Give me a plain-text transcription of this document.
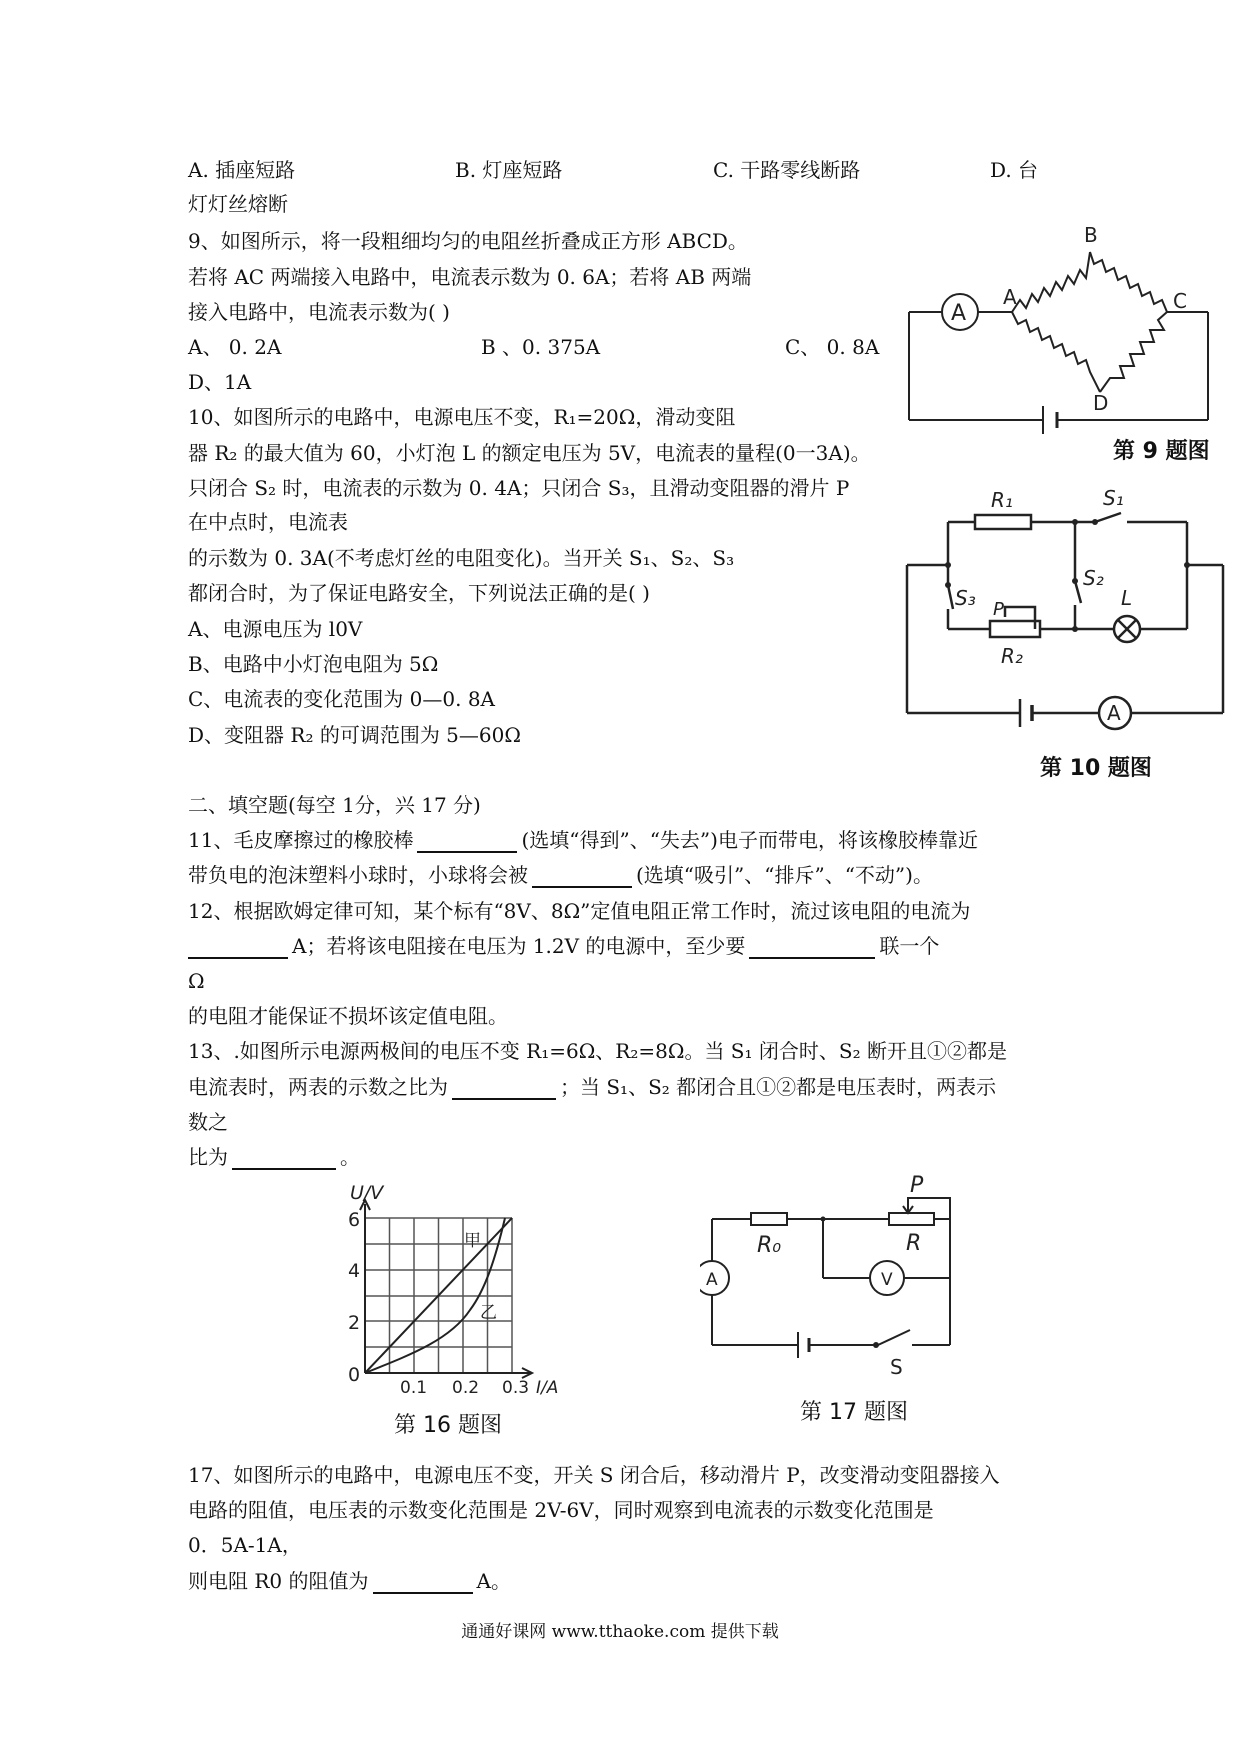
A. 插座短路	B. 灯座短路	C. 干路零线断路	D. 台
灯灯丝熔断
9、如图所示，将一段粗细均匀的电阻丝折叠成正方形 ABCD。
若将 AC 两端接入电路中，电流表示数为 0. 6A；若将 AB 两端
接入电路中，电流表示数为( )
A、 0. 2A	B 、0. 375A	C、 0. 8A
D、1A
A
A
B
C
D
第 9 题图
10、如图所示的电路中，电源电压不变，R₁=20Ω，滑动变阻
器 R₂ 的最大值为 60，小灯泡 L 的额定电压为 5V，电流表的量程(0一3A)。
只闭合 S₂ 时，电流表的示数为 0. 4A；只闭合 S₃，且滑动变阻器的滑片 P
在中点时，电流表
的示数为 0. 3A(不考虑灯丝的电阻变化)。当开关 S₁、S₂、S₃
都闭合时，为了保证电路安全，下列说法正确的是( )
A、电源电压为 l0V
B、电路中小灯泡电阻为 5Ω
C、电流表的变化范围为 0—0. 8A
D、变阻器 R₂ 的可调范围为 5—60Ω
R₁	S₁
S₂
S₃ P
R₂
L
A
第 10 题图
二、填空题(每空 1分，兴 17 分)
11、毛皮摩擦过的橡胶棒	(选填“得到”、“失去”)电子而带电，将该橡胶棒靠近
带负电的泡沫塑料小球时，小球将会被	(选填“吸引”、“排斥”、“不动”)。
12、根据欧姆定律可知，某个标有“8V、8Ω”定值电阻正常工作时，流过该电阻的电流为
A；若将该电阻接在电压为 1.2V 的电源中，至少要	联一个
Ω
的电阻才能保证不损坏该定值电阻。
13、.如图所示电源两极间的电压不变 R₁=6Ω、R₂=8Ω。当 S₁ 闭合时、S₂ 断开且①②都是
电流表时，两表的示数之比为	；当 S₁、S₂ 都闭合且①②都是电压表时，两表示
数之
比为	。
U/V
0
2
4
6
0.1 0.2 0.3 I/A
甲
乙
第 16 题图
P
R₀	R
V
A
S
第 17 题图
17、如图所示的电路中，电源电压不变，开关 S 闭合后，移动滑片 P，改变滑动变阻器接入
电路的阻值，电压表的示数变化范围是 2V-6V，同时观察到电流表的示数变化范围是
0．5A-1A，
则电阻 R0 的阻值为	A。
通通好课网 www.tthaoke.com 提供下载
